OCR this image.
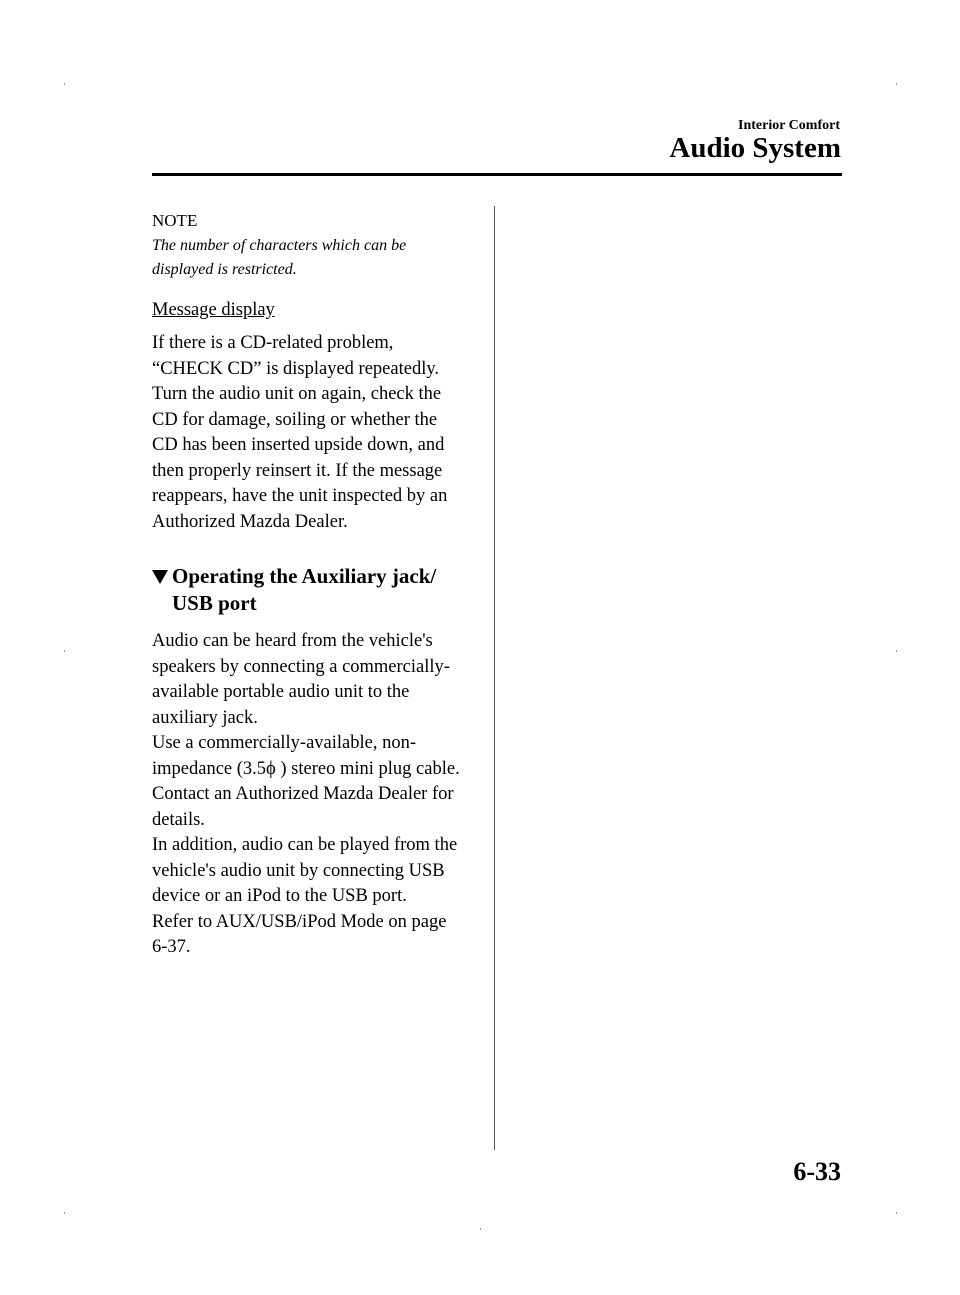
Interior Comfort
Audio System

NOTE

The number of characters which can be
displayed is restricted.

Message display

If there is a CD-related problem,
“CHECK CD” is displayed repeatedly.
Turn the audio unit on again, check the
CD for damage, soiling or whether the
CD has been inserted upside down, and
then properly reinsert it. If the message
reappears, have the unit inspected by an
Authorized Mazda Dealer.

Operating the Auxiliary jack/
USB port

Audio can be heard from the vehicle's
speakers by connecting a commercially-
available portable audio unit to the
auxiliary jack.
Use a commercially-available, non-
impedance (3.5ϕ ) stereo mini plug cable.
Contact an Authorized Mazda Dealer for
details.
In addition, audio can be played from the
vehicle's audio unit by connecting USB
device or an iPod to the USB port.
Refer to AUX/USB/iPod Mode on page
6-37.

6-33
